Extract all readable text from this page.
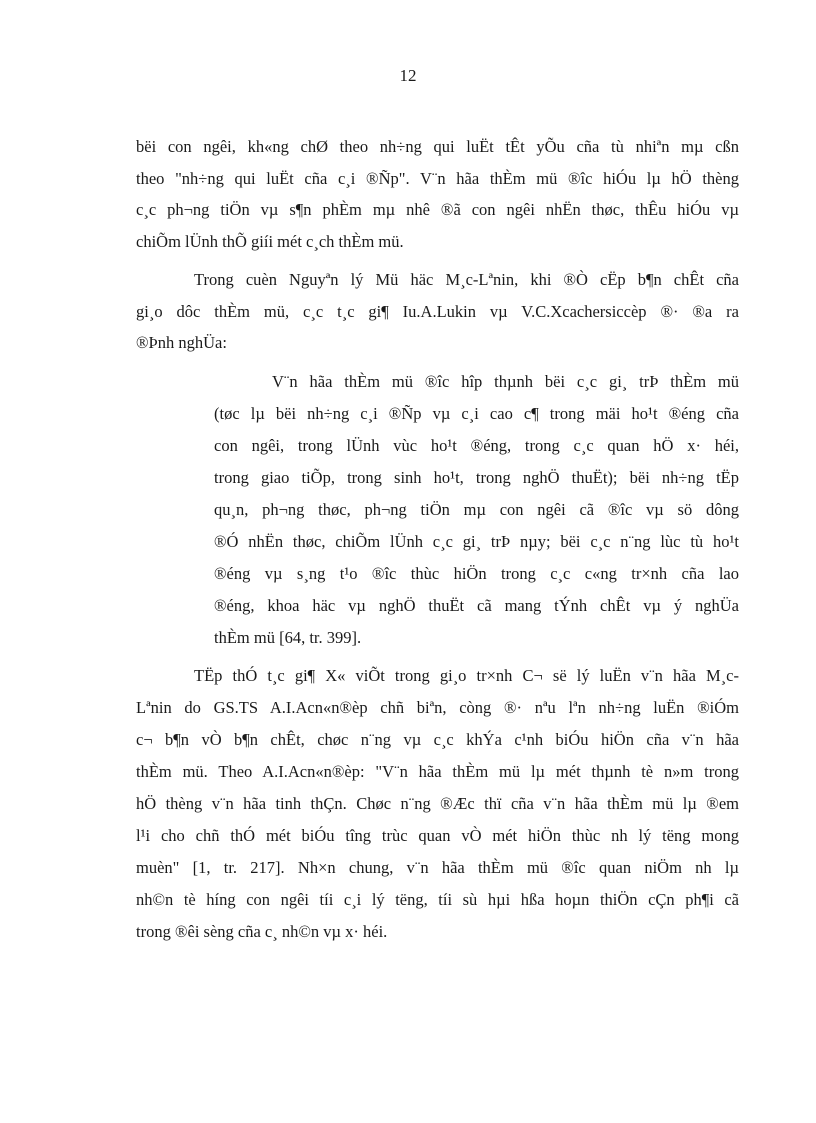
12
bëi con ngêi, kh«ng chØ theo nh÷ng qui luËt tÊt yÕu cña tù nhiªn mµ cßn
theo "nh÷ng qui luËt cña c¸i ®Ñp". V¨n hãa thÈm mü ®îc hiÓu lµ hÖ thèng
c¸c ph¬ng tiÖn vµ s¶n phÈm mµ nhê ®ã con ngêi nhËn thøc, thÊu hiÓu vµ
chiÕm lÜnh thÕ giíi mét c¸ch thÈm mü.
Trong cuèn Nguyªn lý Mü häc M¸c-Lªnin, khi ®Ò cËp b¶n chÊt cña
gi¸o dôc thÈm mü, c¸c t¸c gi¶ Iu.A.Lukin vµ V.C.Xcachersiccèp ®· ®a ra
®Þnh nghÜa:
V¨n hãa thÈm mü ®îc hîp thµnh bëi c¸c gi¸ trÞ thÈm mü
(tøc lµ bëi nh÷ng c¸i ®Ñp vµ c¸i cao c¶ trong mäi ho¹t ®éng cña
con ngêi, trong lÜnh vùc ho¹t ®éng, trong c¸c quan hÖ x· héi,
trong giao tiÕp, trong sinh ho¹t, trong nghÖ thuËt); bëi nh÷ng tËp
qu¸n, ph¬ng thøc, ph¬ng tiÖn mµ con ngêi cã ®îc vµ sö dông
®Ó nhËn thøc, chiÕm lÜnh c¸c gi¸ trÞ nµy; bëi c¸c n¨ng lùc tù ho¹t
®éng vµ s¸ng t¹o ®îc thùc hiÖn trong c¸c c«ng tr×nh cña lao
®éng, khoa häc vµ nghÖ thuËt cã mang tÝnh chÊt vµ ý nghÜa
thÈm mü [64, tr. 399].
TËp thÓ t¸c gi¶ X« viÕt trong gi¸o tr×nh C¬ së lý luËn v¨n hãa M¸c-
Lªnin do GS.TS A.I.Acn«n®èp chñ biªn, còng ®· nªu lªn nh÷ng luËn ®iÓm
c¬ b¶n vÒ b¶n chÊt, chøc n¨ng vµ c¸c khÝa c¹nh biÓu hiÖn cña v¨n hãa
thÈm mü. Theo A.I.Acn«n®èp: "V¨n hãa thÈm mü lµ mét thµnh tè n»m trong
hÖ thèng v¨n hãa tinh thÇn. Chøc n¨ng ®Æc thï cña v¨n hãa thÈm mü lµ ®em
l¹i cho chñ thÓ mét biÓu tîng trùc quan vÒ mét hiÖn thùc nh lý tëng mong
muèn" [1, tr. 217]. Nh×n chung, v¨n hãa thÈm mü ®îc quan niÖm nh lµ
nh©n tè híng con ngêi tíi c¸i lý tëng, tíi sù hµi hßa hoµn thiÖn cÇn ph¶i cã
trong ®êi sèng cña c¸ nh©n vµ x· héi.
